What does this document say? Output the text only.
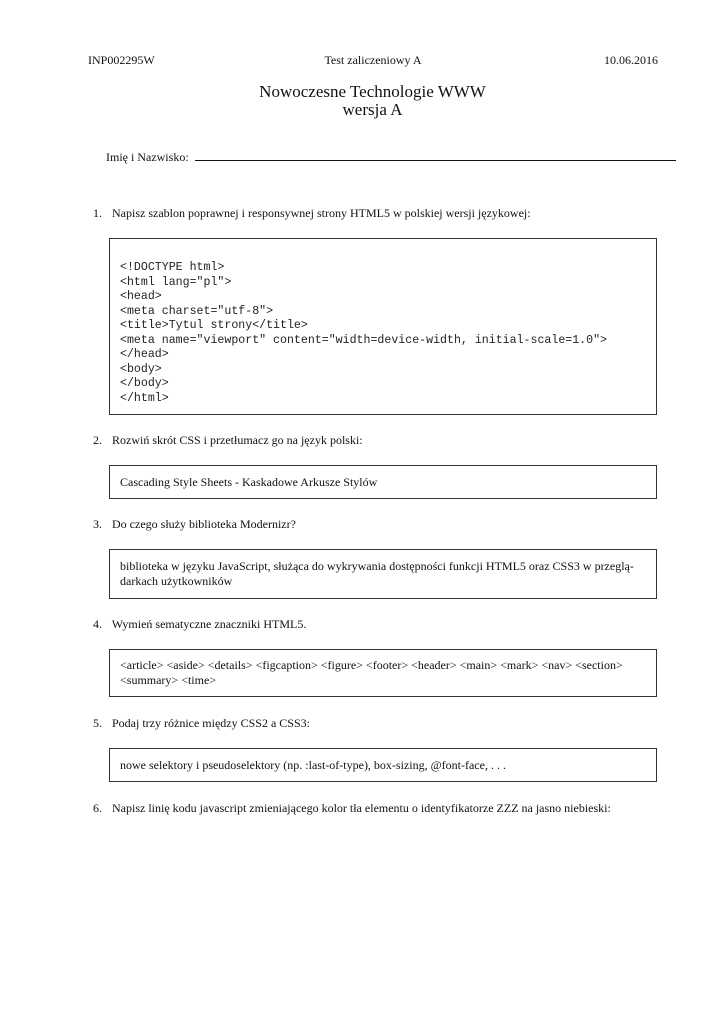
INP002295W	Test zaliczeniowy A	10.06.2016
Nowoczesne Technologie WWW
wersja A
Imię i Nazwisko:
1. Napisz szablon poprawnej i responsywnej strony HTML5 w polskiej wersji językowej:
<!DOCTYPE html>
<html lang="pl">
<head>
<meta charset="utf-8">
<title>Tytul strony</title>
<meta name="viewport" content="width=device-width, initial-scale=1.0">
</head>
<body>
</body>
</html>
2. Rozwiń skrót CSS i przetłumacz go na język polski:
Cascading Style Sheets - Kaskadowe Arkusze Stylów
3. Do czego służy biblioteka Modernizr?
biblioteka w języku JavaScript, służąca do wykrywania dostępności funkcji HTML5 oraz CSS3 w przeglą-
darkach użytkowników
4. Wymień sematyczne znaczniki HTML5.
<article> <aside> <details> <figcaption> <figure> <footer> <header> <main> <mark> <nav> <section>
<summary> <time>
5. Podaj trzy różnice między CSS2 a CSS3:
nowe selektory i pseudoselektory (np. :last-of-type), box-sizing, @font-face, . . .
6. Napisz linię kodu javascript zmieniającego kolor tła elementu o identyfikatorze ZZZ na jasno niebieski:
